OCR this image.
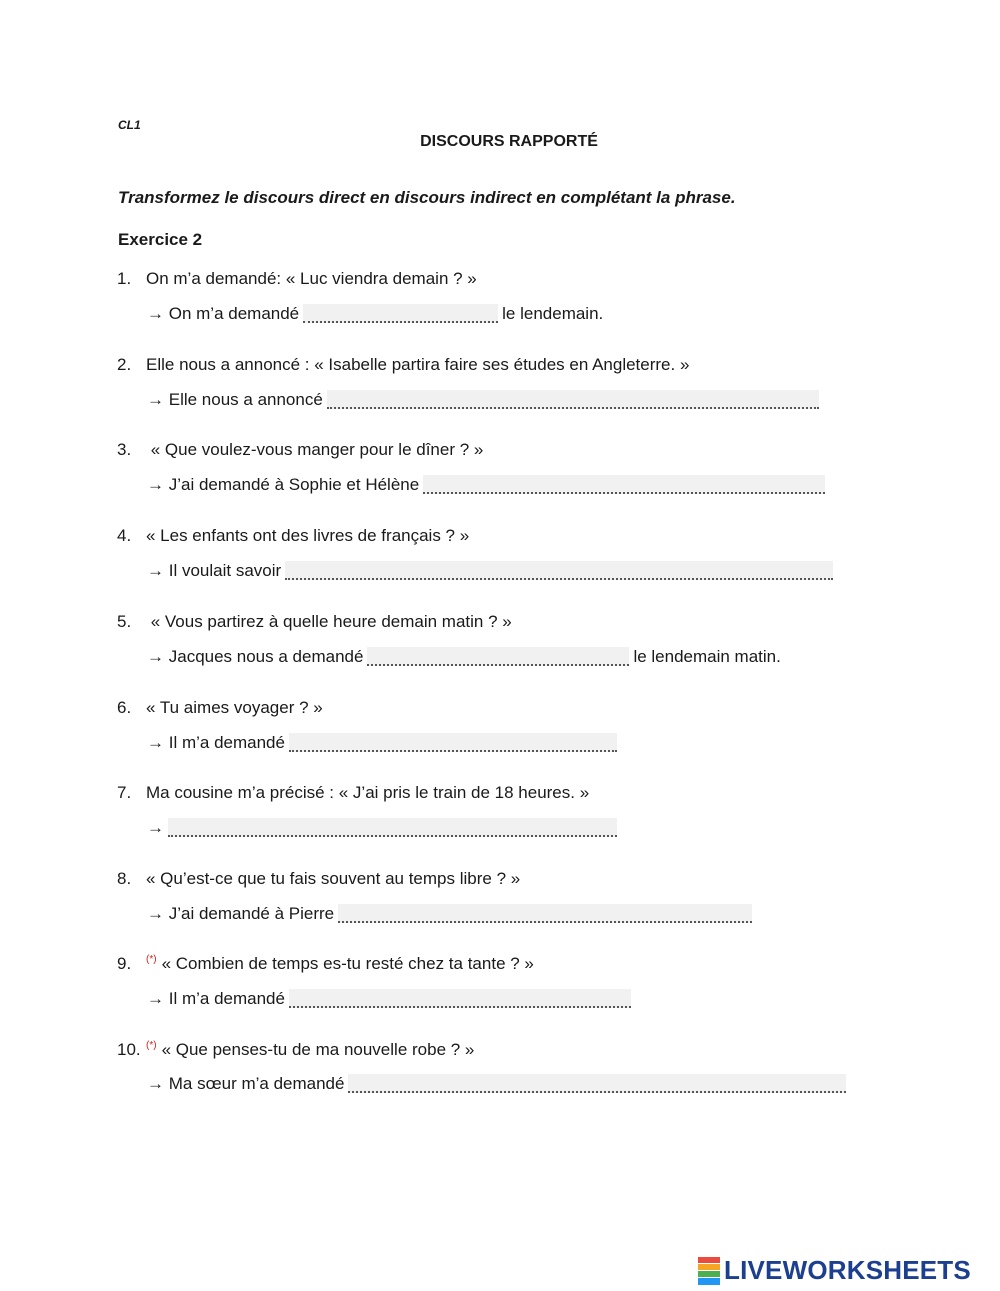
CL1
DISCOURS RAPPORTÉ
Transformez le discours direct en discours indirect en complétant la phrase.
Exercice 2
1. On m’a demandé: « Luc viendra demain ? »
→
On m’a demandé	le lendemain.
2. Elle nous a annoncé : « Isabelle partira faire ses études en Angleterre. »
→
Elle nous a annoncé
3. « Que voulez-vous manger pour le dîner ? »
→
J’ai demandé à Sophie et Hélène
4. « Les enfants ont des livres de français ? »
→
Il voulait savoir
5. « Vous partirez à quelle heure demain matin ? »
→
Jacques nous a demandé	le lendemain matin.
6. « Tu aimes voyager ? »
→
Il m’a demandé
7. Ma cousine m’a précisé : « J’ai pris le train de 18 heures. »
→
8. « Qu’est-ce que tu fais souvent au temps libre ? »
→
J’ai demandé à Pierre
9. (*) « Combien de temps es-tu resté chez ta tante ? »
→
Il m’a demandé
10. (*) « Que penses-tu de ma nouvelle robe ? »
→
Ma sœur m’a demandé
LIVEWORKSHEETS
